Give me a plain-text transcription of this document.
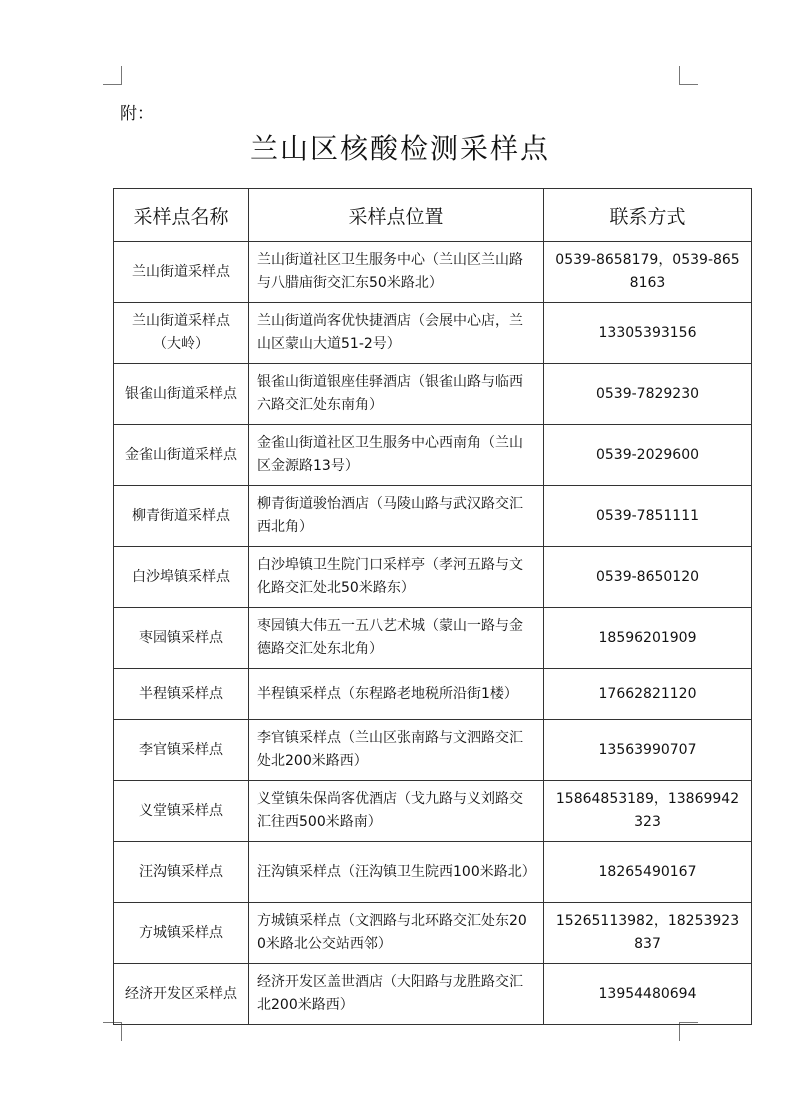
附：
兰山区核酸检测采样点
采样点名称	采样点位置	联系方式
兰山街道采样点	兰山街道社区卫生服务中心（兰山区兰山路与八腊庙街交汇东50米路北）	0539-8658179，0539-8658163
兰山街道采样点（大岭）	兰山街道尚客优快捷酒店（会展中心店，兰山区蒙山大道51-2号）	13305393156
银雀山街道采样点	银雀山街道银座佳驿酒店（银雀山路与临西六路交汇处东南角）	0539-7829230
金雀山街道采样点	金雀山街道社区卫生服务中心西南角（兰山区金源路13号）	0539-2029600
柳青街道采样点	柳青街道骏怡酒店（马陵山路与武汉路交汇西北角）	0539-7851111
白沙埠镇采样点	白沙埠镇卫生院门口采样亭（孝河五路与文化路交汇处北50米路东）	0539-8650120
枣园镇采样点	枣园镇大伟五一五八艺术城（蒙山一路与金德路交汇处东北角）	18596201909
半程镇采样点	半程镇采样点（东程路老地税所沿街1楼）	17662821120
李官镇采样点	李官镇采样点（兰山区张南路与文泗路交汇处北200米路西）	13563990707
义堂镇采样点	义堂镇朱保尚客优酒店（戈九路与义刘路交汇往西500米路南）	15864853189，13869942323
汪沟镇采样点	汪沟镇采样点（汪沟镇卫生院西100米路北）	18265490167
方城镇采样点	方城镇采样点（文泗路与北环路交汇处东200米路北公交站西邻）	15265113982，18253923837
经济开发区采样点	经济开发区盖世酒店（大阳路与龙胜路交汇北200米路西）	13954480694
